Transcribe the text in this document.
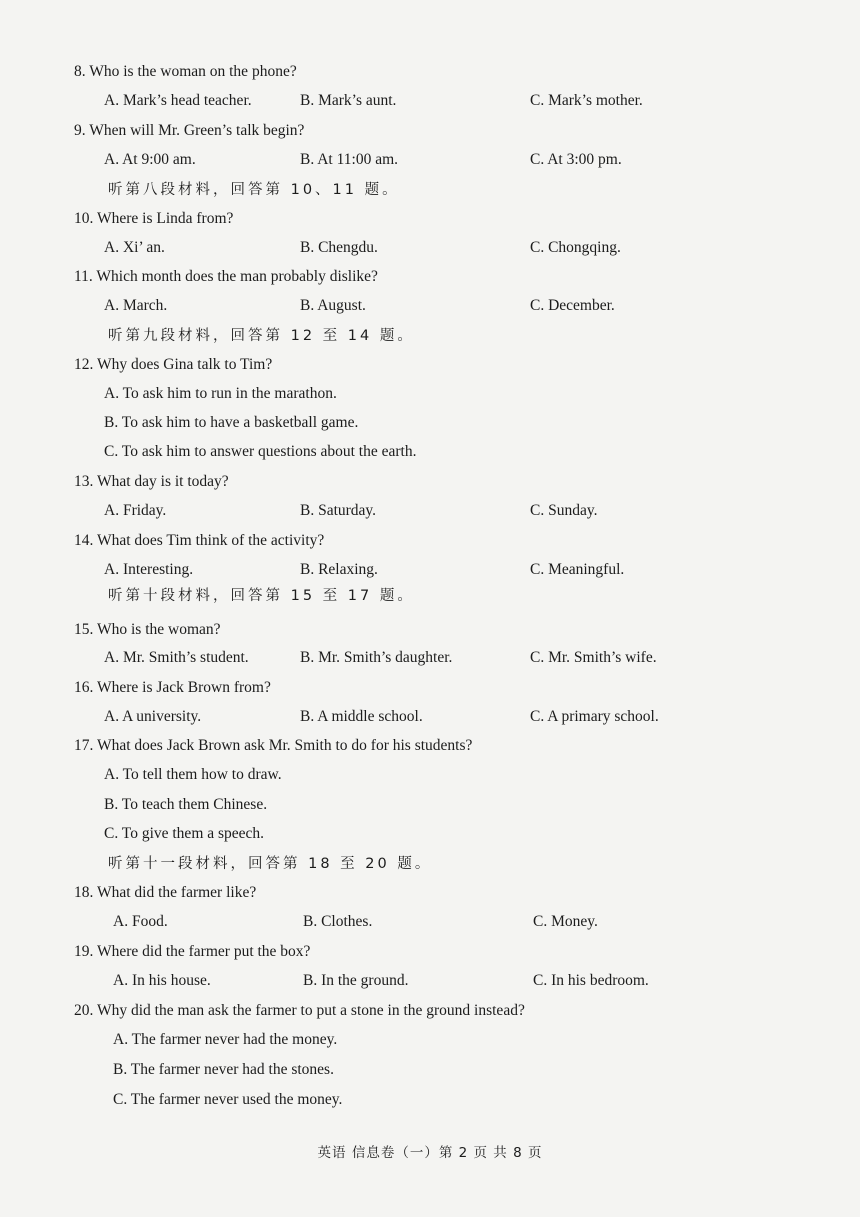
8. Who is the woman on the phone?
A. Mark’s head teacher.	B. Mark’s aunt.	C. Mark’s mother.
9. When will Mr. Green’s talk begin?
A. At 9:00 am.	B. At 11:00 am.	C. At 3:00 pm.
听第八段材料，回答第 10、11 题。
10. Where is Linda from?
A. Xi’ an.	B. Chengdu.	C. Chongqing.
11. Which month does the man probably dislike?
A. March.	B. August.	C. December.
听第九段材料，回答第 12 至 14 题。
12. Why does Gina talk to Tim?
A. To ask him to run in the marathon.
B. To ask him to have a basketball game.
C. To ask him to answer questions about the earth.
13. What day is it today?
A. Friday.	B. Saturday.	C. Sunday.
14. What does Tim think of the activity?
A. Interesting.	B. Relaxing.	C. Meaningful.
听第十段材料，回答第 15 至 17 题。
15. Who is the woman?
A. Mr. Smith’s student.	B. Mr. Smith’s daughter.	C. Mr. Smith’s wife.
16. Where is Jack Brown from?
A. A university.	B. A middle school.	C. A primary school.
17. What does Jack Brown ask Mr. Smith to do for his students?
A. To tell them how to draw.
B. To teach them Chinese.
C. To give them a speech.
听第十一段材料，回答第 18 至 20 题。
18. What did the farmer like?
A. Food.	B. Clothes.	C. Money.
19. Where did the farmer put the box?
A. In his house.	B. In the ground.	C. In his bedroom.
20. Why did the man ask the farmer to put a stone in the ground instead?
A. The farmer never had the money.
B. The farmer never had the stones.
C. The farmer never used the money.
英语 信息卷（一）第 2 页 共 8 页
